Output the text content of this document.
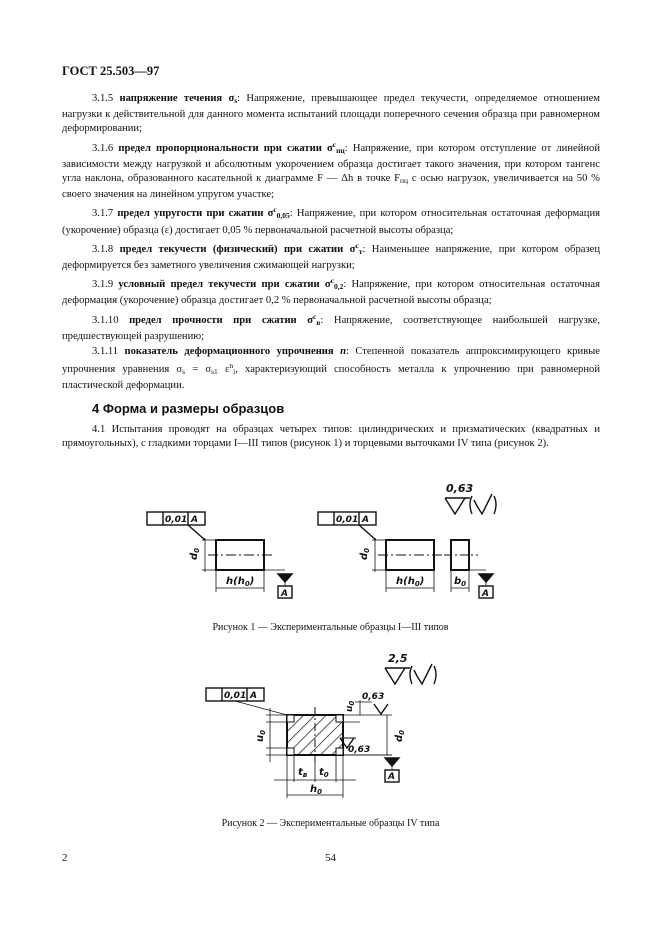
ГОСТ 25.503—97

3.1.5 напряжение течения $\sigma_s$: Напряжение, превышающее предел текучести, определяемое отношением нагрузки к действительной для данного момента испытаний площади поперечного сечения образца при равномерном деформировании;

3.1.6 предел пропорциональности при сжатии $\sigma^с_{пц}$: Напряжение, при котором отступление от линейной зависимости между нагрузкой и абсолютным укорочением образца достигает такого значения, при котором тангенс угла наклона, образованного касательной к диаграмме F — Δh в точке $F_{пц}$ с осью нагрузок, увеличивается на 50 % своего значения на линейном упругом участке;

3.1.7 предел упругости при сжатии $\sigma^с_{0,05}$: Напряжение, при котором относительная остаточная деформация (укорочение) образца (ε) достигает 0,05 % первоначальной расчетной высоты образца;

3.1.8 предел текучести (физический) при сжатии $\sigma^с_т$: Наименьшее напряжение, при котором образец деформируется без заметного увеличения сжимающей нагрузки;

3.1.9 условный предел текучести при сжатии $\sigma^с_{0,2}$: Напряжение, при котором относительная остаточная деформация (укорочение) образца достигает 0,2 % первоначальной расчетной высоты образца;

3.1.10 предел прочности при сжатии $\sigma^с_в$: Напряжение, соответствующее наибольшей нагрузке, предшествующей разрушению;

3.1.11 показатель деформационного упрочнения n: Степенной показатель аппроксимирующего кривые упрочнения уравнения $\sigma_s = \sigma_{s1}$ $\varepsilon^n_i$, характеризующий способность металла к упрочнению при равномерной пластической деформации.

4 Форма и размеры образцов

4.1 Испытания проводят на образцах четырех типов: цилиндрических и призматических (квадратных и прямоугольных), с гладкими торцами I—III типов (рисунок 1) и торцевыми выточками IV типа (рисунок 2).

0,63
0,01 A	0,01 A
A	A
$d_0$
$d_0$
$h(h_0)$	$h(h_0)$	$b_0$
Рисунок 1 — Экспериментальные образцы I—III типов
2,5
0,01 A
A
0,63
0,63
$u_0$
$u_0$
$d_0$
$t_в$ $t_0$
$h_0$
Рисунок 2 — Экспериментальные образцы IV типа
2	54
